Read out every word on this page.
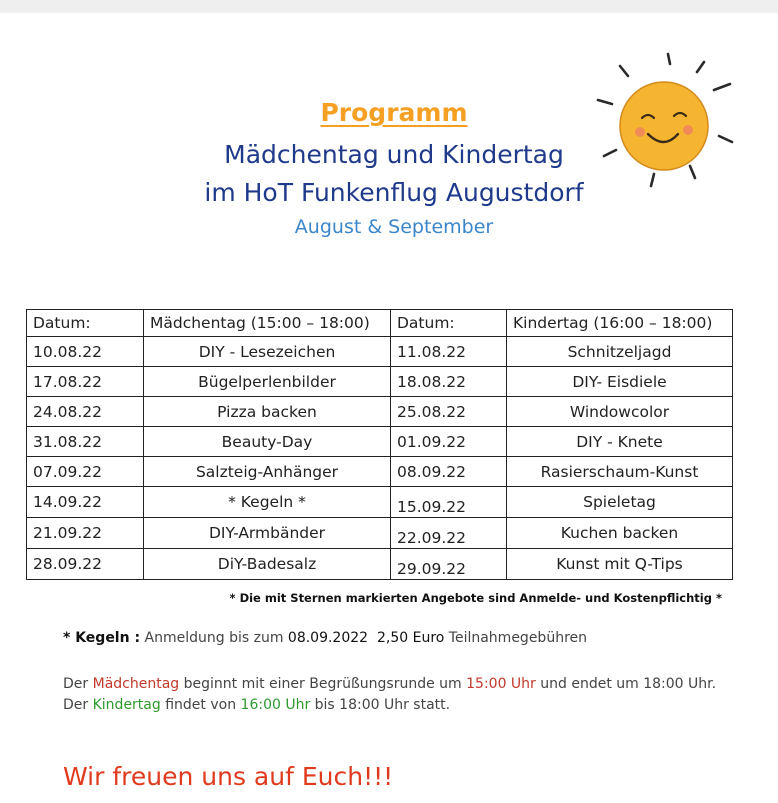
Programm
Mädchentag und Kindertag
im HoT Funkenflug Augustdorf
August & September
Datum:	Mädchentag (15:00 – 18:00)	Datum:	Kindertag (16:00 – 18:00)
10.08.22	DIY - Lesezeichen	11.08.22	Schnitzeljagd
17.08.22	Bügelperlenbilder	18.08.22	DIY- Eisdiele
24.08.22	Pizza backen	25.08.22	Windowcolor
31.08.22	Beauty-Day	01.09.22	DIY - Knete
07.09.22	Salzteig-Anhänger	08.09.22	Rasierschaum-Kunst
14.09.22	* Kegeln *	15.09.22	Spieletag
21.09.22	DIY-Armbänder	22.09.22	Kuchen backen
28.09.22	DiY-Badesalz	29.09.22	Kunst mit Q-Tips
* Die mit Sternen markierten Angebote sind Anmelde- und Kostenpflichtig *
* Kegeln : Anmeldung bis zum 08.09.2022 2,50 Euro Teilnahmegebühren
Der Mädchentag beginnt mit einer Begrüßungsrunde um 15:00 Uhr und endet um 18:00 Uhr.
Der Kindertag findet von 16:00 Uhr bis 18:00 Uhr statt.
Wir freuen uns auf Euch!!!
